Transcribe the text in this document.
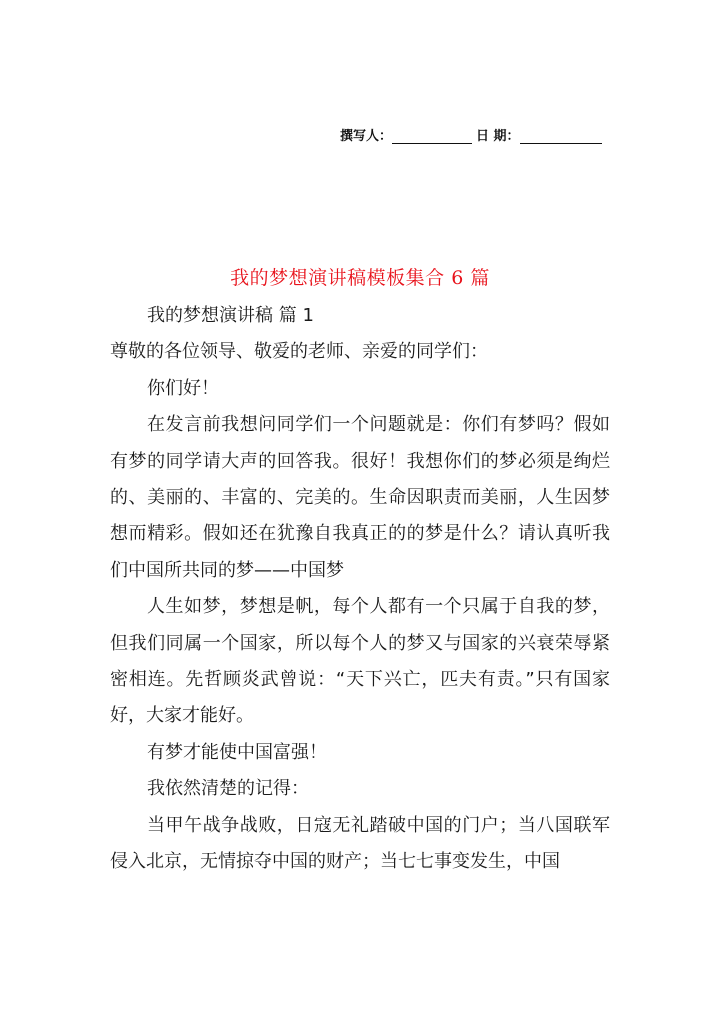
撰写人：	日 期：
我的梦想演讲稿模板集合 6 篇

我的梦想演讲稿 篇 1

尊敬的各位领导、敬爱的老师、亲爱的同学们：

你们好！

在发言前我想问同学们一个问题就是：你们有梦吗？假如有梦的同学请大声的回答我。很好！我想你们的梦必须是绚烂的、美丽的、丰富的、完美的。生命因职责而美丽，人生因梦想而精彩。假如还在犹豫自我真正的的梦是什么？请认真听我们中国所共同的梦——中国梦

人生如梦，梦想是帆，每个人都有一个只属于自我的梦，但我们同属一个国家，所以每个人的梦又与国家的兴衰荣辱紧密相连。先哲顾炎武曾说：“天下兴亡，匹夫有责。”只有国家好，大家才能好。

有梦才能使中国富强！

我依然清楚的记得：

当甲午战争战败，日寇无礼踏破中国的门户；当八国联军侵入北京，无情掠夺中国的财产；当七七事变发生，中国
